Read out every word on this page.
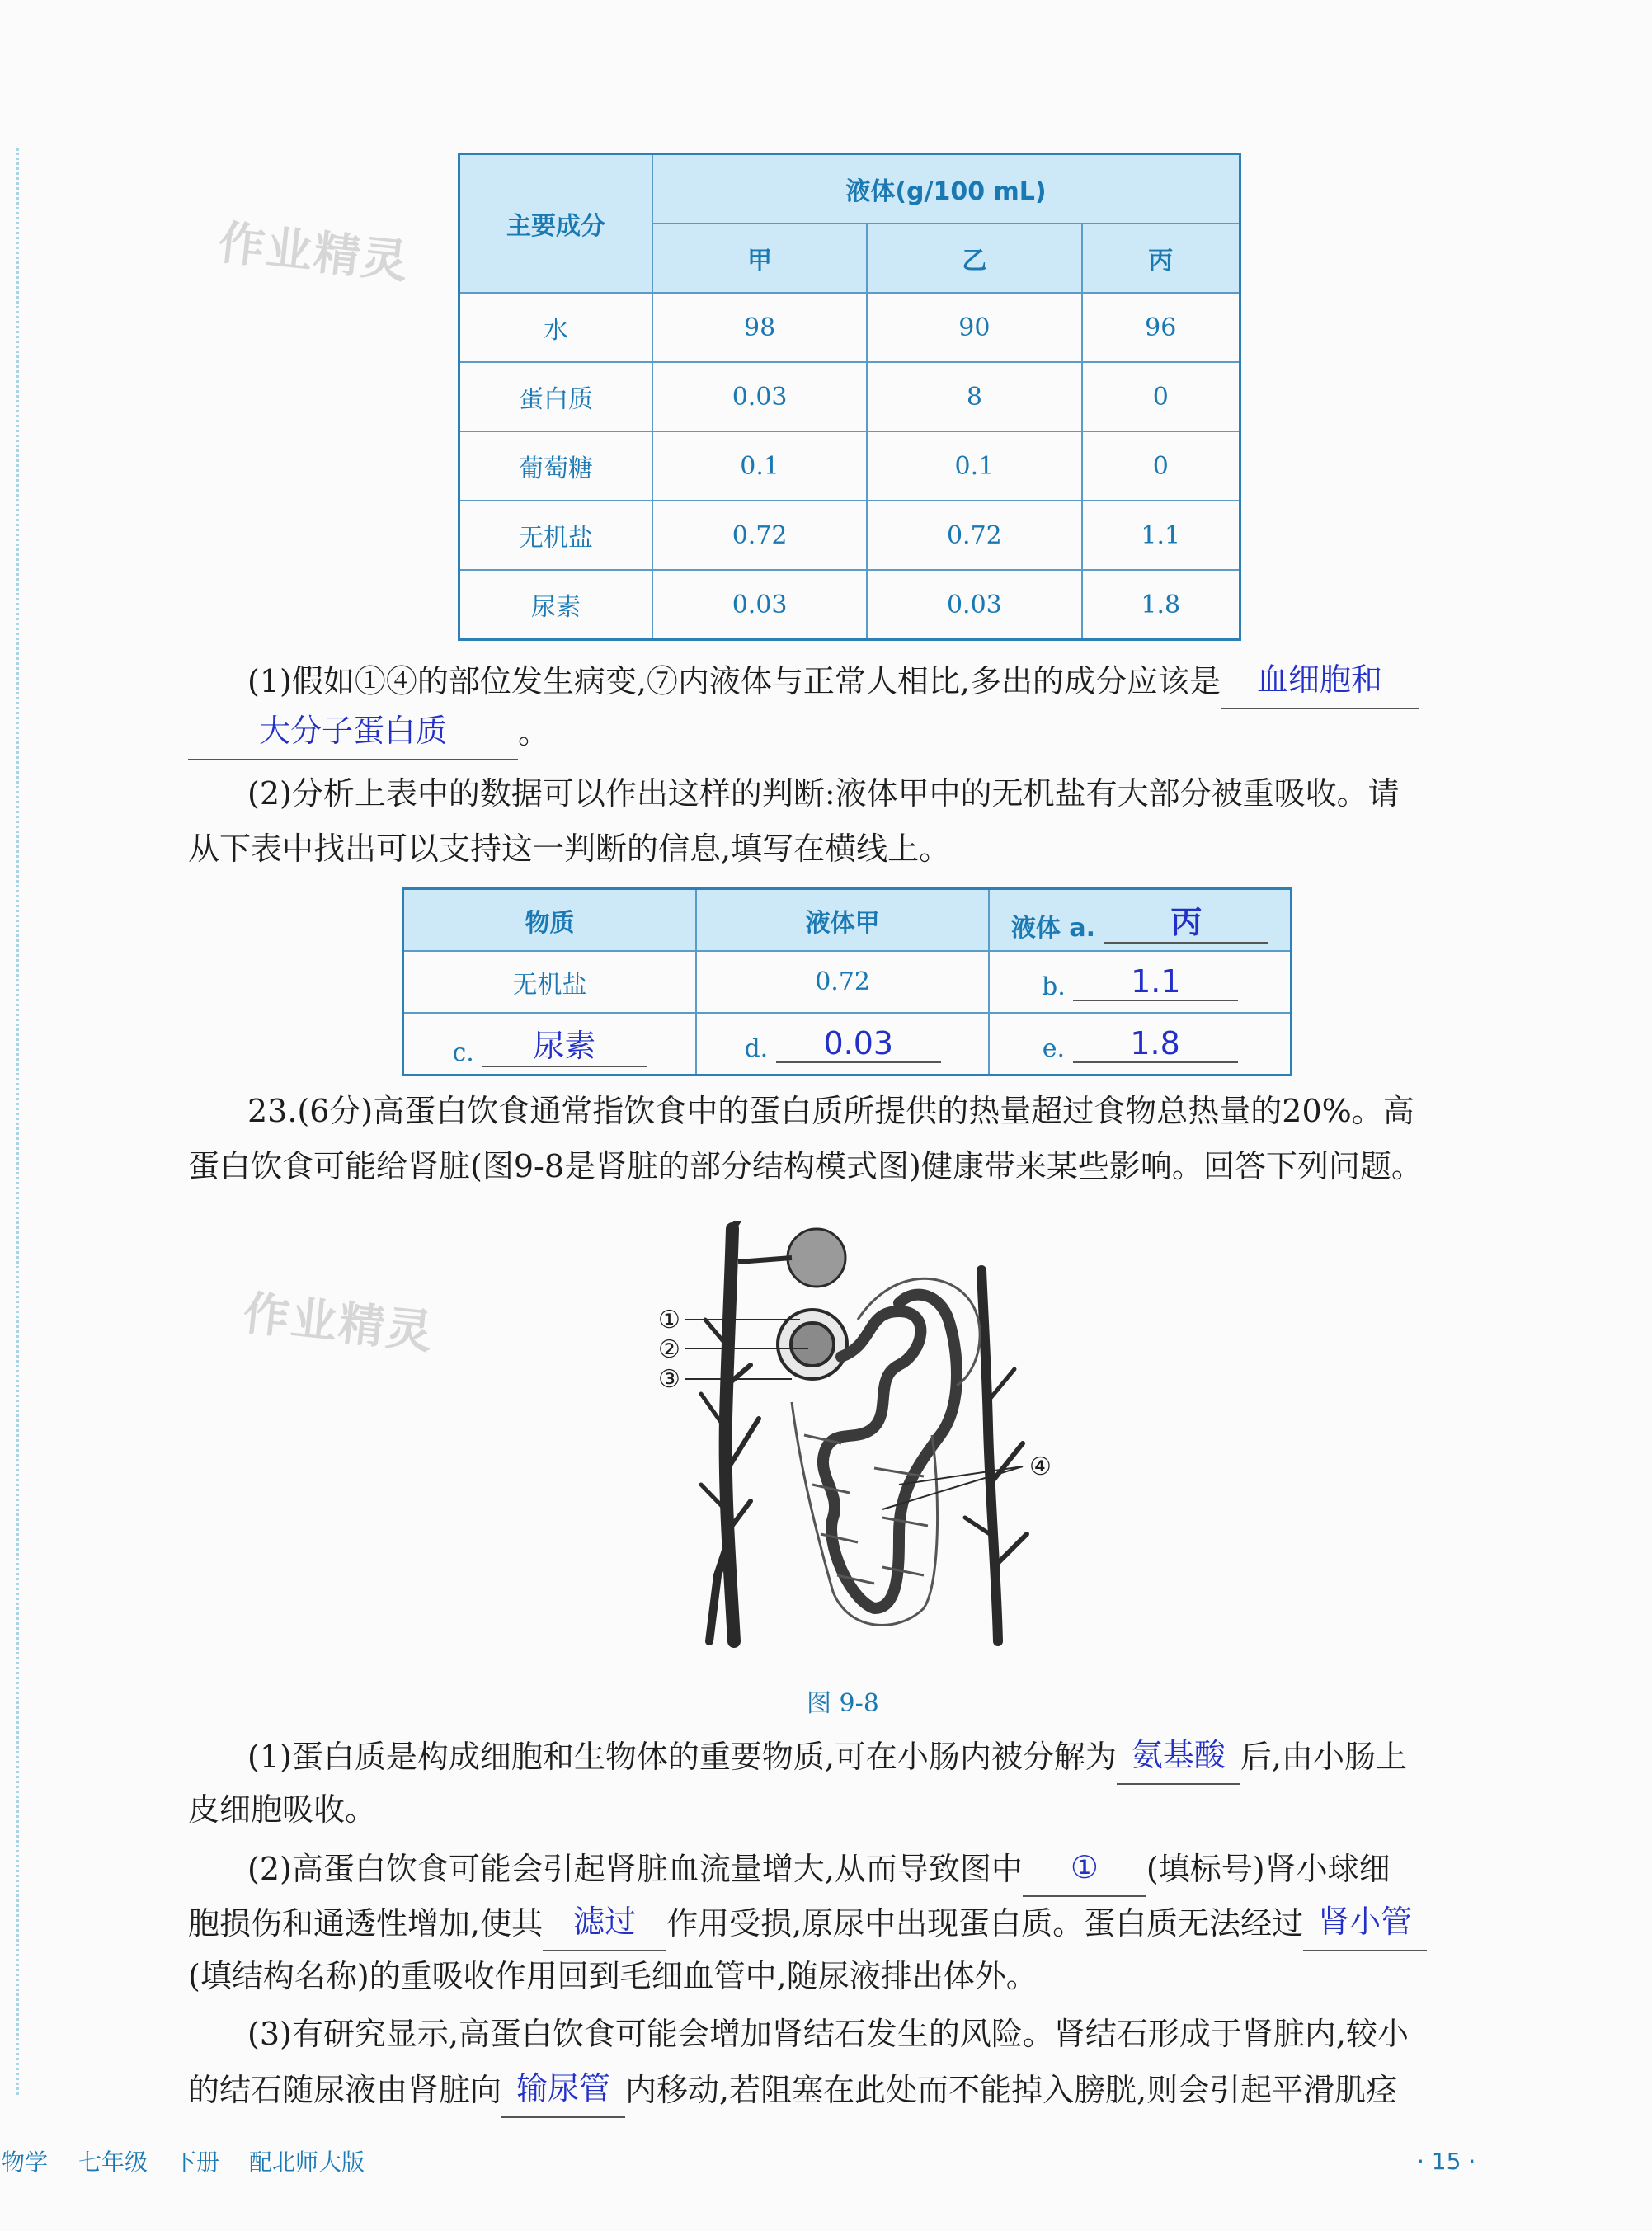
作业精灵
作业精灵
主要成分	液体(g/100 mL)		
	甲	乙	丙
水	98	90	96
蛋白质	0.03	8	0
葡萄糖	0.1	0.1	0
无机盐	0.72	0.72	1.1
尿素	0.03	0.03	1.8
(1)假如①④的部位发生病变,⑦内液体与正常人相比,多出的成分应该是 血细胞和
大分子蛋白质 。
(2)分析上表中的数据可以作出这样的判断:液体甲中的无机盐有大部分被重吸收。请
从下表中找出可以支持这一判断的信息,填写在横线上。
物质	液体甲	液体 a. 丙
无机盐	0.72	b. 1.1
c. 尿素	d. 0.03	e. 1.8
23.(6分)高蛋白饮食通常指饮食中的蛋白质所提供的热量超过食物总热量的20%。高
蛋白饮食可能给肾脏(图9-8是肾脏的部分结构模式图)健康带来某些影响。回答下列问题。
①
②
③
④
图 9-8
(1)蛋白质是构成细胞和生物体的重要物质,可在小肠内被分解为 氨基酸 后,由小肠上
皮细胞吸收。
(2)高蛋白饮食可能会引起肾脏血流量增大,从而导致图中 ① (填标号)肾小球细
胞损伤和通透性增加,使其 滤过 作用受损,原尿中出现蛋白质。蛋白质无法经过 肾小管
(填结构名称)的重吸收作用回到毛细血管中,随尿液排出体外。
(3)有研究显示,高蛋白饮食可能会增加肾结石发生的风险。肾结石形成于肾脏内,较小
的结石随尿液由肾脏向 输尿管 内移动,若阻塞在此处而不能掉入膀胱,则会引起平滑肌痉
物学 七年级 下册 配北师大版	· 15 ·
